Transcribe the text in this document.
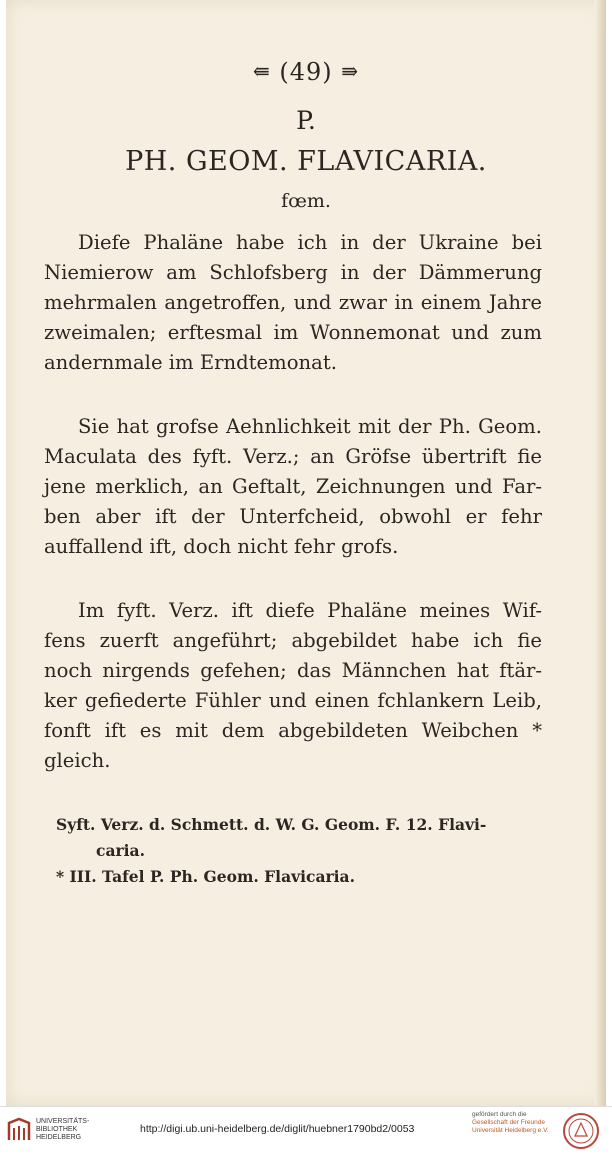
⇚ (49) ⇛
P.
PH. GEOM. FLAVICARIA.
fœm.
Diefe Phaläne habe ich in der Ukraine bei
Niemierow am Schlofsberg in der Dämmerung
mehrmalen angetroffen, und zwar in einem Jahre
zweimalen; erftesmal im Wonnemonat und zum
andernmale im Erndtemonat.
Sie hat grofse Aehnlichkeit mit der Ph. Geom.
Maculata des fyft. Verz.; an Gröfse übertrift fie
jene merklich, an Geftalt, Zeichnungen und Far-
ben aber ift der Unterfcheid, obwohl er fehr
auffallend ift, doch nicht fehr grofs.
Im fyft. Verz. ift diefe Phaläne meines Wif-
fens zuerft angeführt; abgebildet habe ich fie
noch nirgends gefehen; das Männchen hat ftär-
ker gefiederte Fühler und einen fchlankern Leib,
fonft ift es mit dem abgebildeten Weibchen *
gleich.
Syft. Verz. d. Schmett. d. W. G. Geom. F. 12. Flavi-
caria.
* III. Tafel P. Ph. Geom. Flavicaria.
UNIVERSITÄTS-
BIBLIOTHEK
HEIDELBERG
http://digi.ub.uni-heidelberg.de/diglit/huebner1790bd2/0053
gefördert durch die
Gesellschaft der Freunde
Universität Heidelberg e.V.
